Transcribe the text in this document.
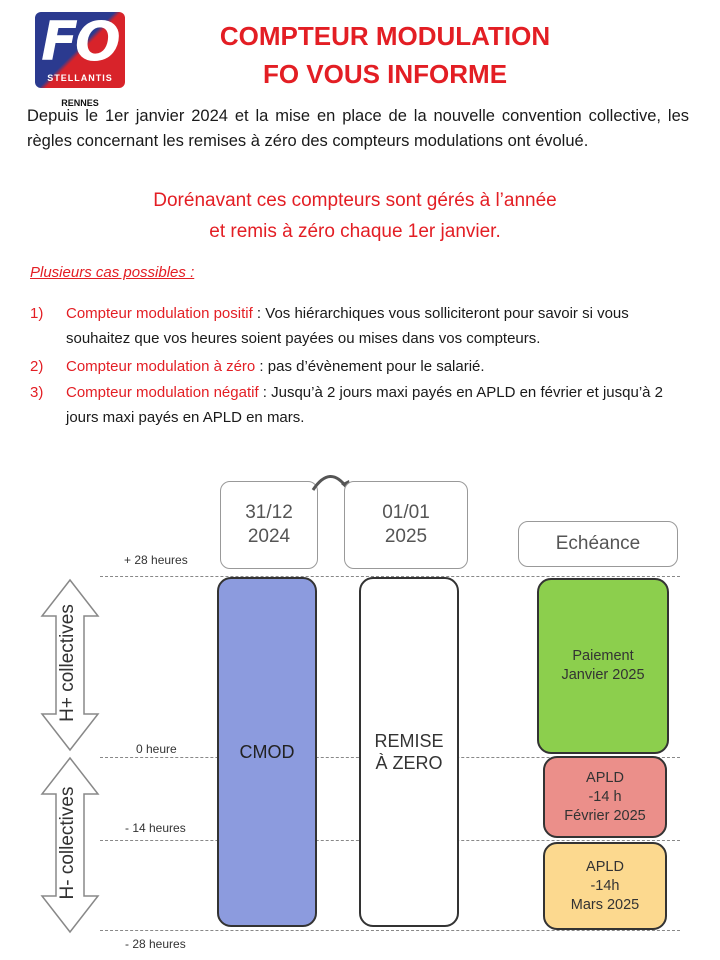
FO
STELLANTIS
RENNES
COMPTEUR MODULATION
FO VOUS INFORME

Depuis le 1er janvier 2024 et la mise en place de la nouvelle convention collective, les règles concernant les remises à zéro des compteurs modulations ont évolué.

Dorénavant ces compteurs sont gérés à l’année
et remis à zéro chaque 1er janvier.
Plusieurs cas possibles :
1) Compteur modulation positif : Vos hiérarchiques vous solliciteront pour savoir si vous souhaitez que vos heures soient payées ou mises dans vos compteurs.
2) Compteur modulation à zéro : pas d’évènement pour le salarié.
3) Compteur modulation négatif : Jusqu’à 2 jours maxi payés en APLD en février et jusqu’à 2 jours maxi payés en APLD en mars.
+ 28 heures
0 heure
- 14 heures
- 28 heures
H+ collectives
H- collectives
31/12
2024
01/01
2025	Echéance
CMOD
REMISE
À ZERO
Paiement
Janvier 2025
APLD
-14 h
Février 2025
APLD
-14h
Mars 2025
